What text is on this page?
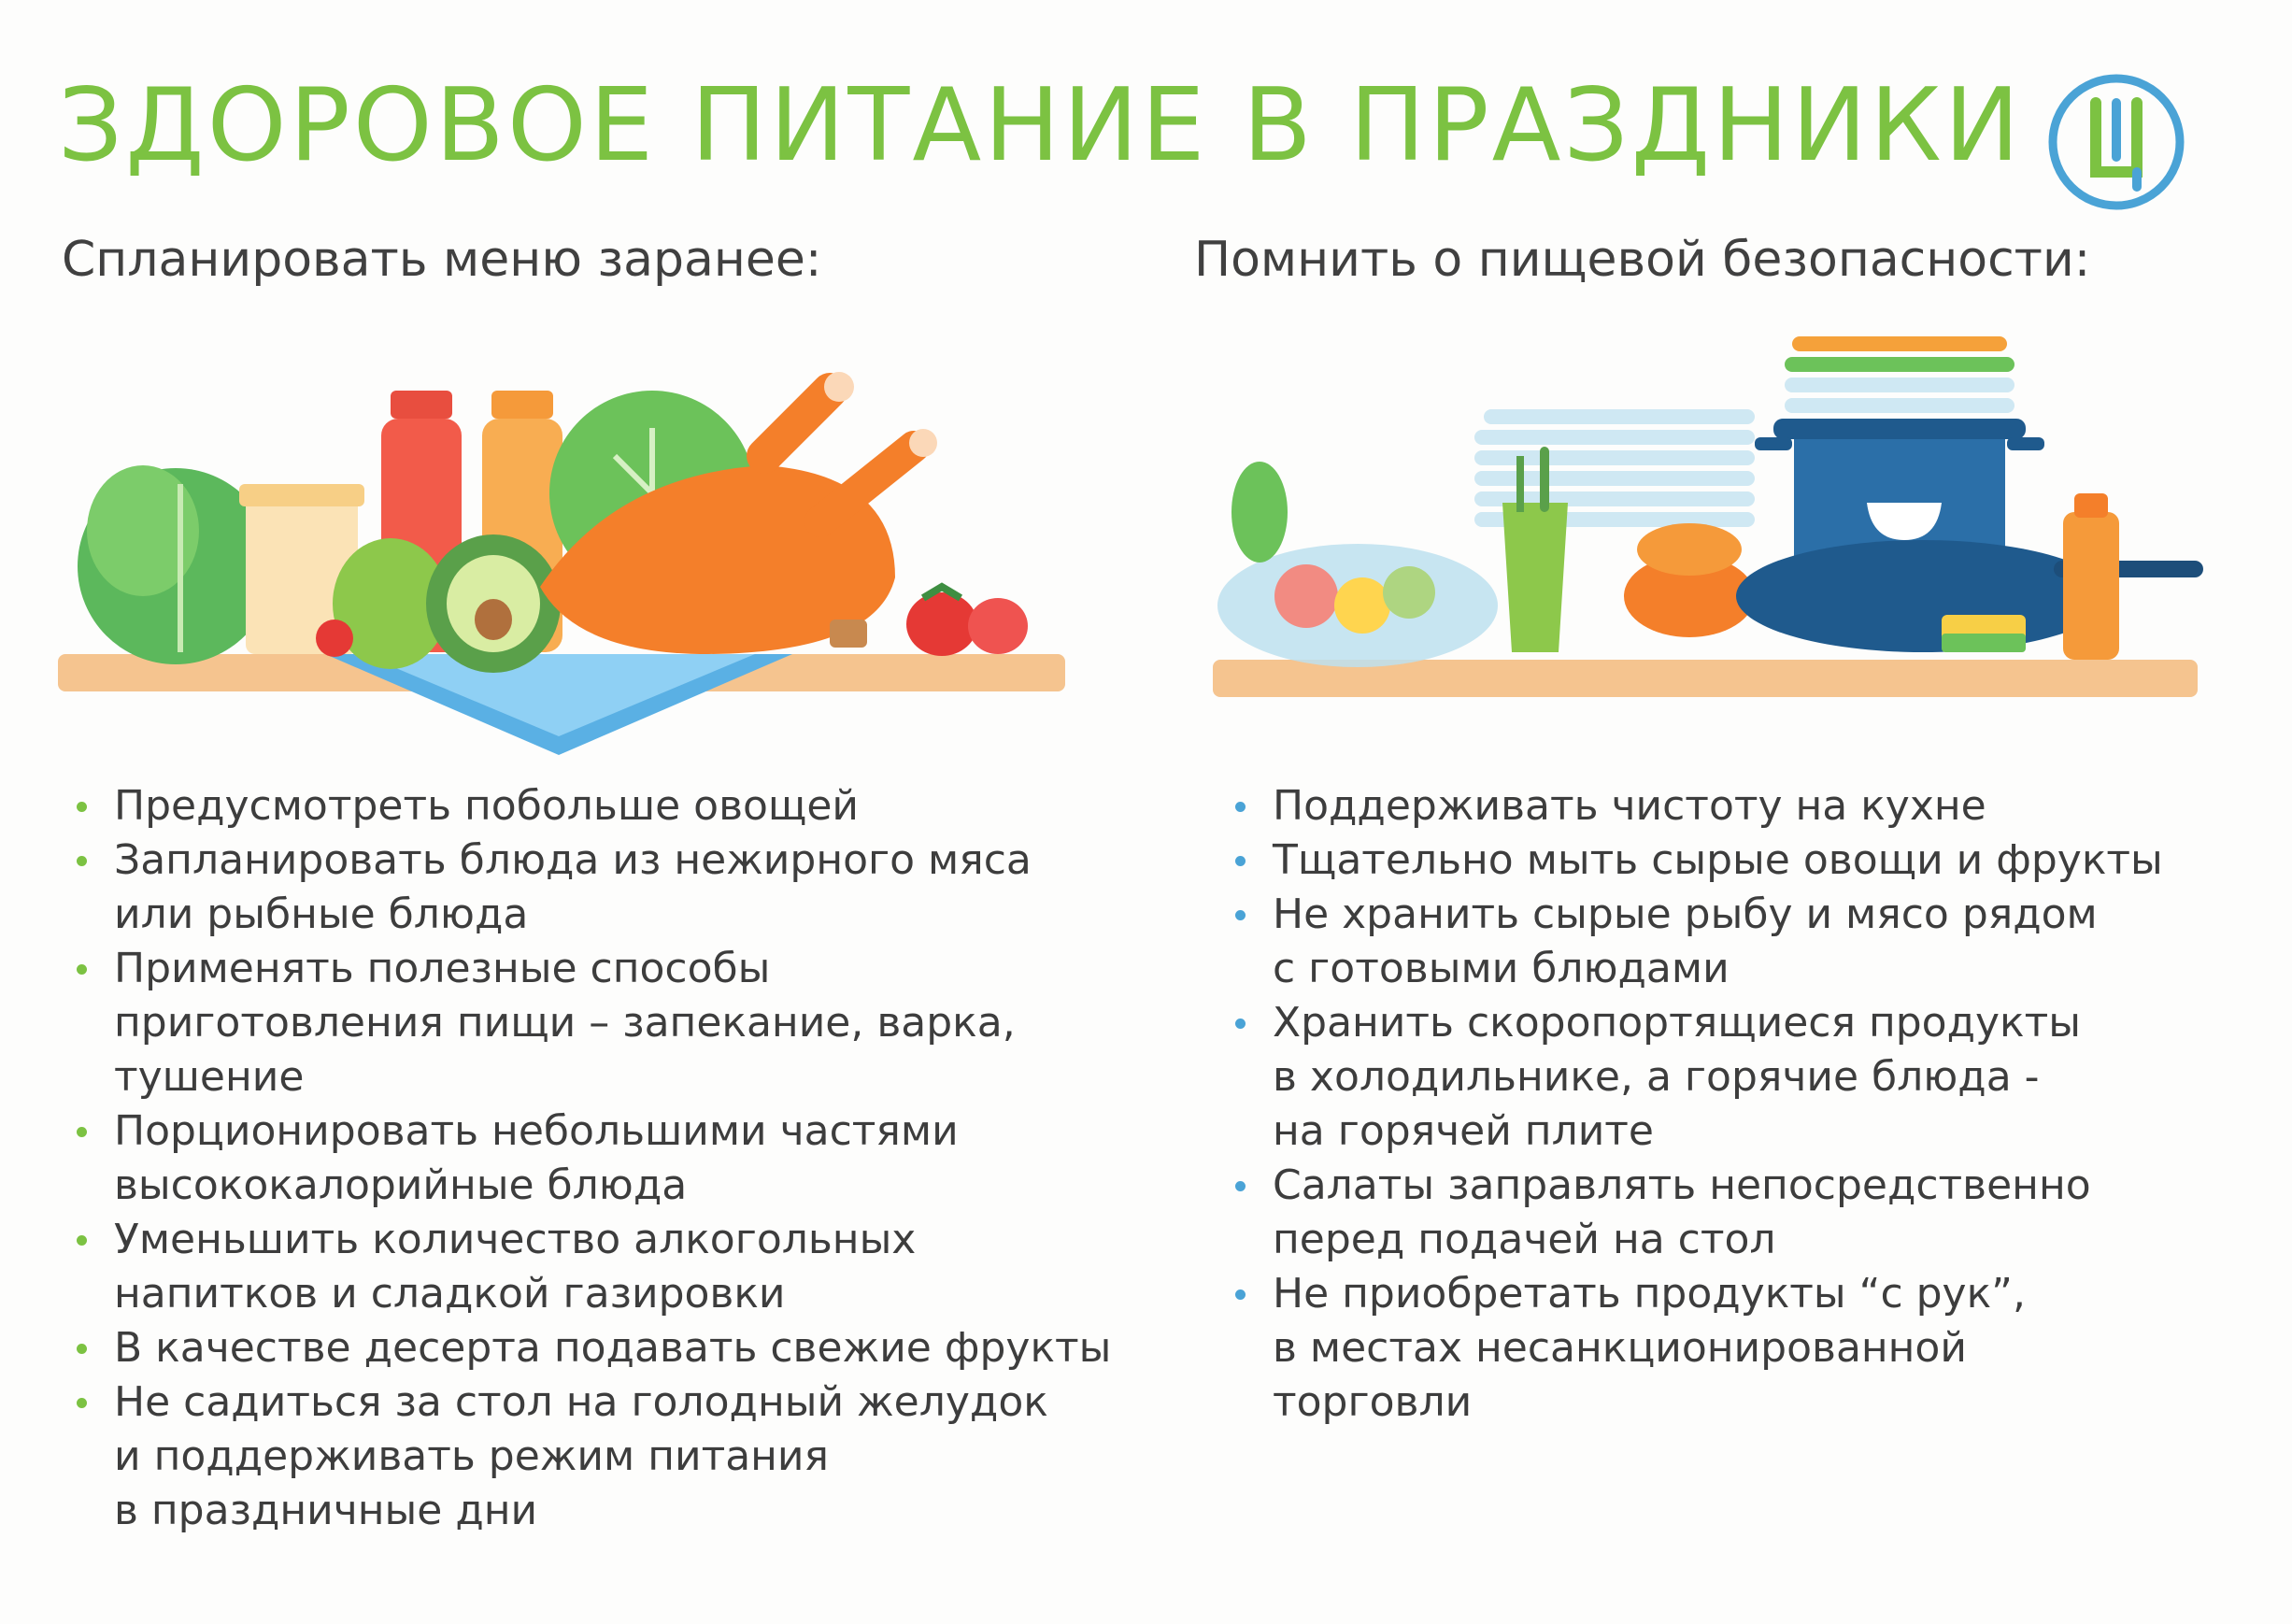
ЗДОРОВОЕ ПИТАНИЕ В ПРАЗДНИКИ
Спланировать меню заранее:	Помнить о пищевой безопасности:
Предусмотреть побольше овощей
Запланировать блюда из нежирного мяса
или рыбные блюда
Применять полезные способы
приготовления пищи – запекание, варка,
тушение
Порционировать небольшими частями
высококалорийные блюда
Уменьшить количество алкогольных
напитков и сладкой газировки
В качестве десерта подавать свежие фрукты
Не садиться за стол на голодный желудок
и поддерживать режим питания
в праздничные дни
Поддерживать чистоту на кухне
Тщательно мыть сырые овощи и фрукты
Не хранить сырые рыбу и мясо рядом
с готовыми блюдами
Хранить скоропортящиеся продукты
в холодильнике, а горячие блюда -
на горячей плите
Салаты заправлять непосредственно
перед подачей на стол
Не приобретать продукты “с рук”,
в местах несанкционированной
торговли
